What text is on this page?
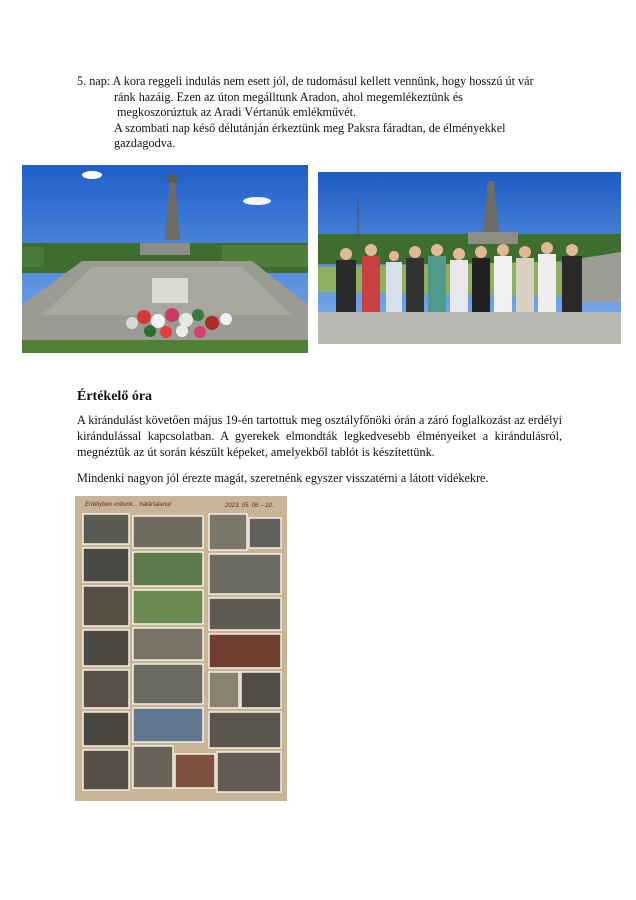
5. nap: A kora reggeli indulás nem esett jól, de tudomásul kellett vennünk, hogy hosszú út vár
ránk hazáig. Ezen az úton megálltunk Aradon, ahol megemlékeztünk és
megkoszorúztuk az Aradi Vértanúk emlékművét.
A szombati nap késő délutánján érkeztünk meg Paksra fáradtan, de élményekkel
gazdagodva.
Értékelő óra
A kirándulást követően május 19-én tartottuk meg osztályfőnöki órán a záró foglalkozást az erdélyi kirándulással kapcsolatban. A gyerekek elmondták legkedvesebb élményeiket a kirándulásról, megnéztük az út során készült képeket, amelyekből tablót is készítettünk.
Mindenki nagyon jól érezte magát, szeretnénk egyszer visszatérni a látott vidékekre.
Erdélyben voltunk... határtalanul	2023. 05. 06 – 10.
